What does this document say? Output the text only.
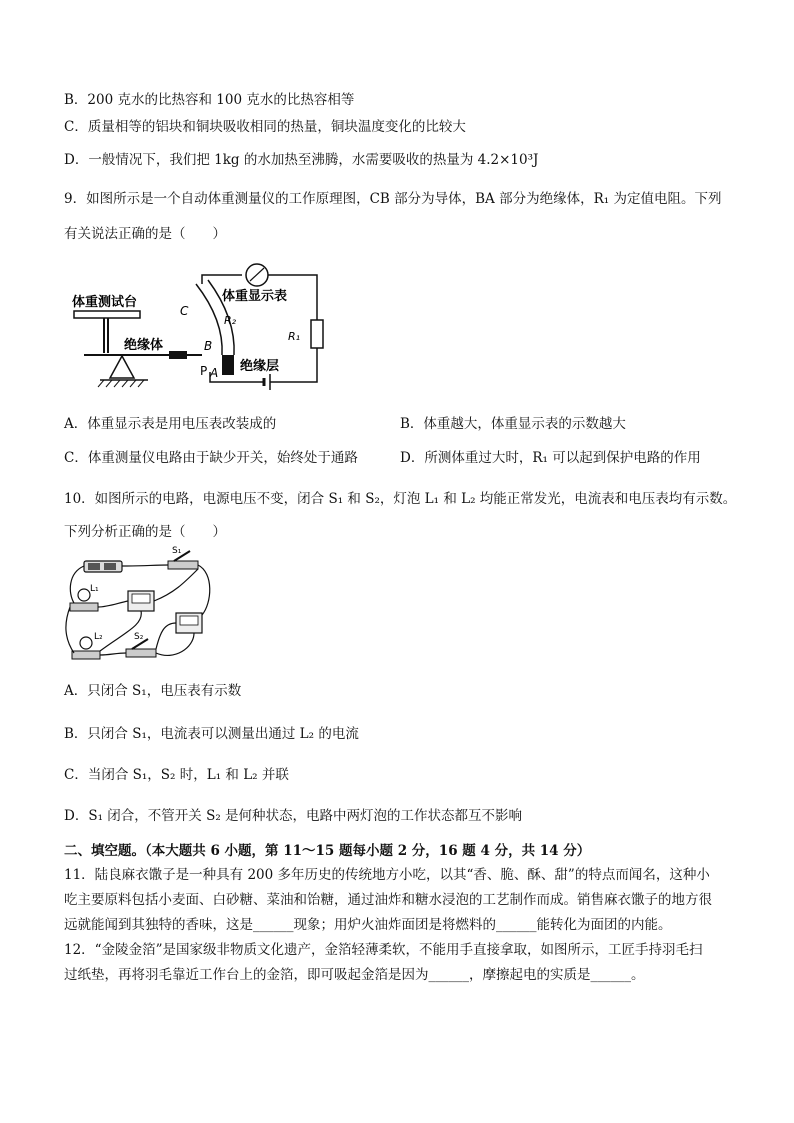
B．200 克水的比热容和 100 克水的比热容相等
C．质量相等的铝块和铜块吸收相同的热量，铜块温度变化的比较大
D．一般情况下，我们把 1kg 的水加热至沸腾，水需要吸收的热量为 4.2×10³J
9．如图所示是一个自动体重测量仪的工作原理图，CB 部分为导体，BA 部分为绝缘体，R₁ 为定值电阻。下列
有关说法正确的是（　　）
体重测试台
绝缘体
C
B
R₂
P A
R₁
体重显示表
绝缘层
A．体重显示表是用电压表改装成的	B．体重越大，体重显示表的示数越大
C．体重测量仪电路由于缺少开关，始终处于通路	D．所测体重过大时，R₁ 可以起到保护电路的作用
10．如图所示的电路，电源电压不变，闭合 S₁ 和 S₂，灯泡 L₁ 和 L₂ 均能正常发光，电流表和电压表均有示数。
下列分析正确的是（　　）
S₁
L₁
L₂	S₂
A．只闭合 S₁，电压表有示数
B．只闭合 S₁，电流表可以测量出通过 L₂ 的电流
C．当闭合 S₁，S₂ 时，L₁ 和 L₂ 并联
D．S₁ 闭合，不管开关 S₂ 是何种状态，电路中两灯泡的工作状态都互不影响
二、填空题。（本大题共 6 小题，第 11～15 题每小题 2 分，16 题 4 分，共 14 分）
11．陆良麻衣馓子是一种具有 200 多年历史的传统地方小吃，以其“香、脆、酥、甜”的特点而闻名，这种小
吃主要原料包括小麦面、白砂糖、菜油和饴糖，通过油炸和糖水浸泡的工艺制作而成。销售麻衣馓子的地方很
远就能闻到其独特的香味，这是______现象；用炉火油炸面团是将燃料的______能转化为面团的内能。
12．“金陵金箔”是国家级非物质文化遗产，金箔轻薄柔软，不能用手直接拿取，如图所示，工匠手持羽毛扫
过纸垫，再将羽毛靠近工作台上的金箔，即可吸起金箔是因为______，摩擦起电的实质是______。
